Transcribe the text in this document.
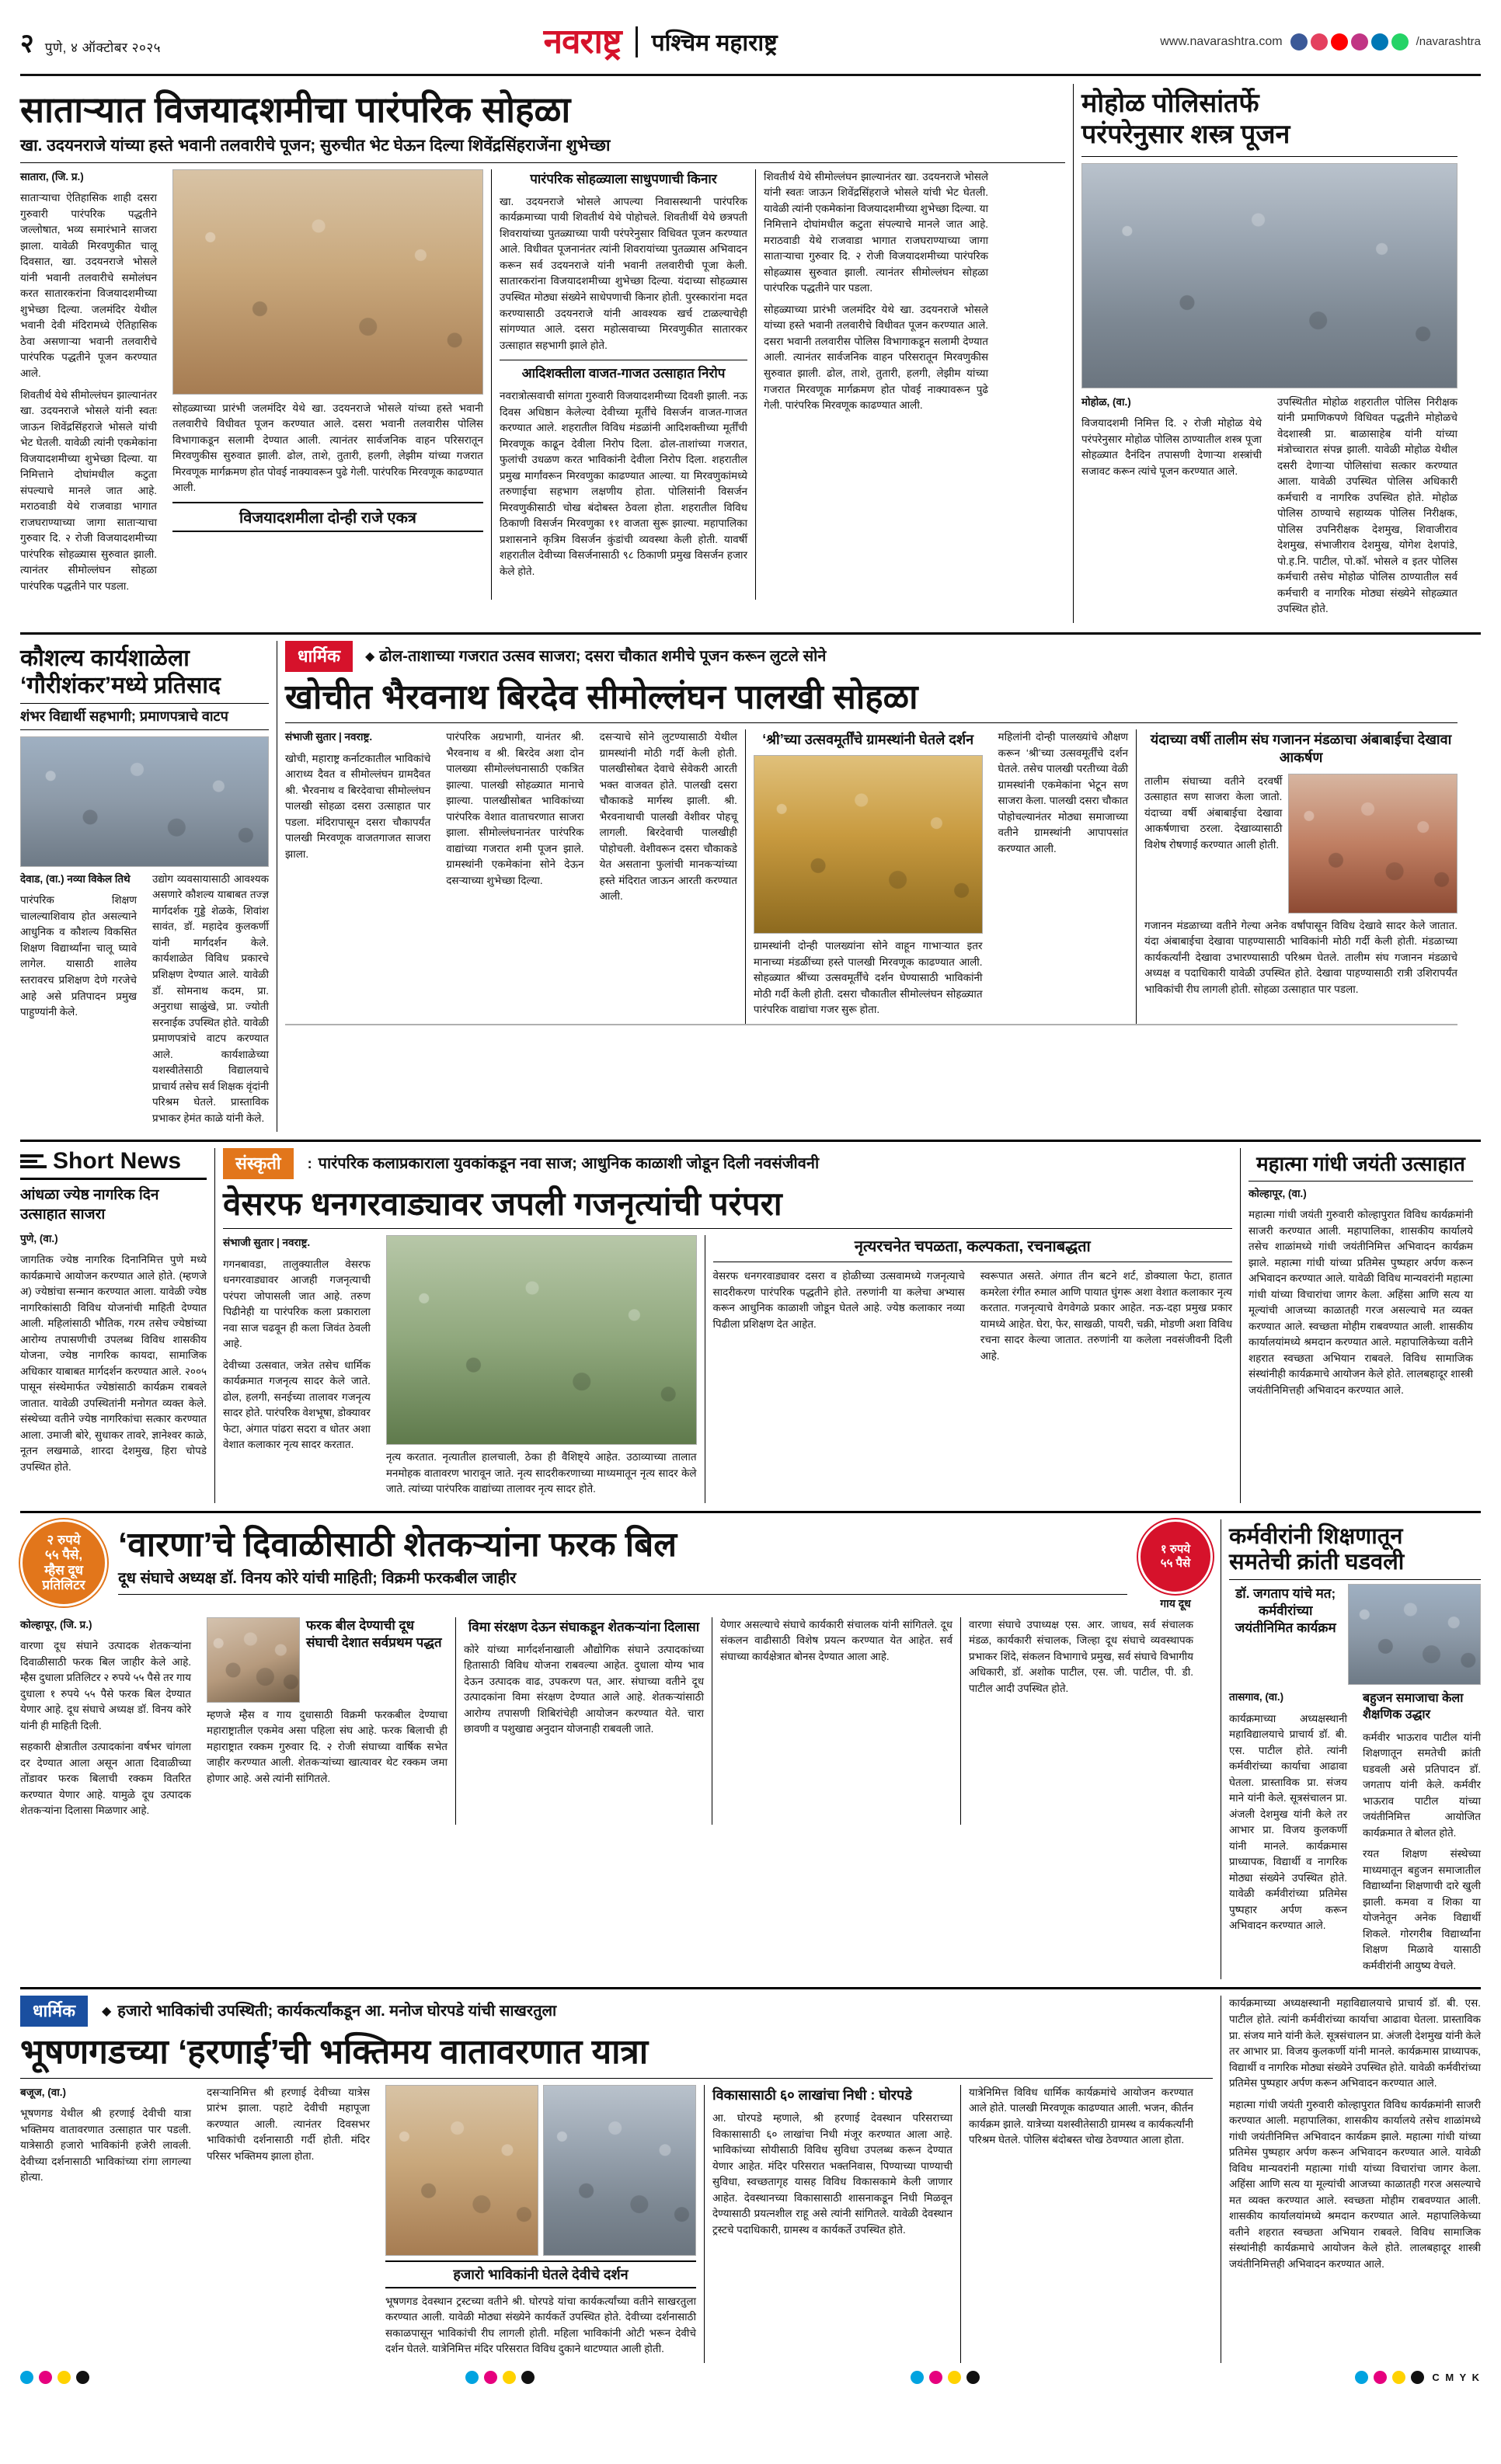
२ पुणे, ४ ऑक्टोबर २०२५	नवराष्ट्र पश्चिम महाराष्ट्र	www.navarashtra.com	/navarashtra
सातार्‍यात विजयादशमीचा पारंपरिक सोहळा
खा. उदयनराजे यांच्या हस्ते भवानी तलवारीचे पूजन; सुरुचीत भेट घेऊन दिल्या शिवेंद्रसिंहराजेंना शुभेच्छा

सातारा, (जि. प्र.)

सातार्‍याचा ऐतिहासिक शाही दसरा गुरुवारी पारंपरिक पद्धतीने जल्लोषात, भव्य समारंभाने साजरा झाला. यावेळी मिरवणुकीत चालू दिवसात, खा. उदयनराजे भोसले यांनी भवानी तलवारीचे समोलंघन करत सातारकरांना विजयादशमीच्या शुभेच्छा दिल्या. जलमंदिर येथील भवानी देवी मंदिरामध्ये ऐतिहासिक ठेवा असणार्‍या भवानी तलवारीचे पारंपरिक पद्धतीने पूजन करण्यात आले.

शिवतीर्थ येथे सीमोल्लंघन झाल्यानंतर खा. उदयनराजे भोसले यांनी स्वतः जाऊन शिवेंद्रसिंहराजे भोसले यांची भेट घेतली. यावेळी त्यांनी एकमेकांना विजयादशमीच्या शुभेच्छा दिल्या. या निमित्ताने दोघांमधील कटुता संपल्याचे मानले जात आहे. मराठवाडी येथे राजवाडा भागात राजघराण्याच्या जागा सातार्‍याचा गुरुवार दि. २ रोजी विजयादशमीच्या पारंपरिक सोहळ्यास सुरुवात झाली. त्यानंतर सीमोल्लंघन सोहळा पारंपरिक पद्धतीने पार पडला.

सोहळ्याच्या प्रारंभी जलमंदिर येथे खा. उदयनराजे भोसले यांच्या हस्ते भवानी तलवारीचे विधीवत पूजन करण्यात आले. दसरा भवानी तलवारीस पोलिस विभागाकडून सलामी देण्यात आली. त्यानंतर सार्वजनिक वाहन परिसरातून मिरवणुकीस सुरुवात झाली. ढोल, ताशे, तुतारी, हलगी, लेझीम यांच्या गजरात मिरवणूक मार्गक्रमण होत पोवई नाक्यावरून पुढे गेली. पारंपरिक मिरवणूक काढण्यात आली.

विजयादशमीला दोन्ही राजे एकत्र
पारंपरिक सोहळ्याला साधुपणाची किनार

खा. उदयनराजे भोसले आपल्या निवासस्थानी पारंपरिक कार्यक्रमाच्या पायी शिवतीर्थ येथे पोहोचले. शिवतीर्थी येथे छत्रपती शिवरायांच्या पुतळ्याच्या पायी परंपरेनुसार विधिवत पूजन करण्यात आले. विधीवत पूजनानंतर त्यांनी शिवरायांच्या पुतळ्यास अभिवादन करून सर्व उदयनराजे यांनी भवानी तलवारीची पूजा केली. सातारकरांना विजयादशमीच्या शुभेच्छा दिल्या. यंदाच्या सोहळ्यास उपस्थित मोठ्या संख्येने साधेपणाची किनार होती. पुरस्कारांना मदत करण्यासाठी उदयनराजे यांनी आवश्यक खर्च टाळल्याचेही सांगण्यात आले. दसरा महोत्सवाच्या मिरवणुकीत सातारकर उत्साहात सहभागी झाले होते.

आदिशक्तीला वाजत-गाजत उत्साहात निरोप

नवरात्रोत्सवाची सांगता गुरुवारी विजयादशमीच्या दिवशी झाली. नऊ दिवस अधिष्ठान केलेल्या देवीच्या मूर्तींचे विसर्जन वाजत-गाजत करण्यात आले. शहरातील विविध मंडळांनी आदिशक्तीच्या मूर्तींची मिरवणूक काढून देवीला निरोप दिला. ढोल-ताशांच्या गजरात, फुलांची उधळण करत भाविकांनी देवीला निरोप दिला. शहरातील प्रमुख मार्गांवरून मिरवणुका काढण्यात आल्या. या मिरवणुकांमध्ये तरुणाईचा सहभाग लक्षणीय होता. पोलिसांनी विसर्जन मिरवणुकीसाठी चोख बंदोबस्त ठेवला होता. शहरातील विविध ठिकाणी विसर्जन मिरवणुका ११ वाजता सुरू झाल्या. महापालिका प्रशासनाने कृत्रिम विसर्जन कुंडांची व्यवस्था केली होती. यावर्षी शहरातील देवीच्या विसर्जनासाठी ९८ ठिकाणी प्रमुख विसर्जन हजार केले होते.

शिवतीर्थ येथे सीमोल्लंघन झाल्यानंतर खा. उदयनराजे भोसले यांनी स्वतः जाऊन शिवेंद्रसिंहराजे भोसले यांची भेट घेतली. यावेळी त्यांनी एकमेकांना विजयादशमीच्या शुभेच्छा दिल्या. या निमित्ताने दोघांमधील कटुता संपल्याचे मानले जात आहे. मराठवाडी येथे राजवाडा भागात राजघराण्याच्या जागा सातार्‍याचा गुरुवार दि. २ रोजी विजयादशमीच्या पारंपरिक सोहळ्यास सुरुवात झाली. त्यानंतर सीमोल्लंघन सोहळा पारंपरिक पद्धतीने पार पडला.

सोहळ्याच्या प्रारंभी जलमंदिर येथे खा. उदयनराजे भोसले यांच्या हस्ते भवानी तलवारीचे विधीवत पूजन करण्यात आले. दसरा भवानी तलवारीस पोलिस विभागाकडून सलामी देण्यात आली. त्यानंतर सार्वजनिक वाहन परिसरातून मिरवणुकीस सुरुवात झाली. ढोल, ताशे, तुतारी, हलगी, लेझीम यांच्या गजरात मिरवणूक मार्गक्रमण होत पोवई नाक्यावरून पुढे गेली. पारंपरिक मिरवणूक काढण्यात आली.

मोहोळ पोलिसांतर्फे
परंपरेनुसार शस्त्र पूजन

मोहोळ, (वा.)

विजयादशमी निमित्त दि. २ रोजी मोहोळ येथे परंपरेनुसार मोहोळ पोलिस ठाण्यातील शस्त्र पूजा सोहळ्यात दैनंदिन तपासणी देणाऱ्या शस्त्रांची सजावट करून त्यांचे पूजन करण्यात आले.

उपस्थितीत मोहोळ शहरातील पोलिस निरीक्षक यांनी प्रमाणिकपणे विधिवत पद्धतीने मोहोळचे वेदशास्त्री प्रा. बाळासाहेब यांनी यांच्या मंत्रोच्चारात संपन्न झाली. यावेळी मोहोळ येथील दसरी देणाऱ्या पोलिसांचा सत्कार करण्यात आला. यावेळी उपस्थित पोलिस अधिकारी कर्मचारी व नागरिक उपस्थित होते. मोहोळ पोलिस ठाण्याचे सहाय्यक पोलिस निरीक्षक, पोलिस उपनिरीक्षक देशमुख, शिवाजीराव देशमुख, संभाजीराव देशमुख, योगेश देशपांडे, पो.ह.नि. पाटील, पो.कॉ. भोसले व इतर पोलिस कर्मचारी तसेच मोहोळ पोलिस ठाण्यातील सर्व कर्मचारी व नागरिक मोठ्या संख्येने सोहळ्यात उपस्थित होते.

कौशल्य कार्यशाळेला
‘गौरीशंकर’मध्ये प्रतिसाद
शंभर विद्यार्थी सहभागी; प्रमाणपत्राचे वाटप

देवाड, (वा.) नव्या विकेल तिथे

पारंपरिक शिक्षण चालल्याशिवाय होत असल्याने आधुनिक व कौशल्य विकसित शिक्षण विद्यार्थ्यांना चालू घ्यावे लागेल. यासाठी शालेय स्तरावरच प्रशिक्षण देणे गरजेचे आहे असे प्रतिपादन प्रमुख पाहुण्यांनी केले.

उद्योग व्यवसायासाठी आवश्यक असणारे कौशल्य याबाबत तज्ज्ञ मार्गदर्शक गुड्डे शेळके, शिवांश सावंत, डॉ. महादेव कुलकर्णी यांनी मार्गदर्शन केले. कार्यशाळेत विविध प्रकारचे प्रशिक्षण देण्यात आले. यावेळी डॉ. सोमनाथ कदम, प्रा. अनुराधा साळुंखे, प्रा. ज्योती सरनाईक उपस्थित होते. यावेळी प्रमाणपत्रांचे वाटप करण्यात आले. कार्यशाळेच्या यशस्वीतेसाठी विद्यालयाचे प्राचार्य तसेच सर्व शिक्षक वृंदांनी परिश्रम घेतले. प्रास्ताविक प्रभाकर हेमंत काळे यांनी केले.

धार्मिक	◆ ढोल-ताशाच्या गजरात उत्सव साजरा; दसरा चौकात शमीचे पूजन करून लुटले सोने
खोचीत भैरवनाथ बिरदेव सीमोल्लंघन पालखी सोहळा

संभाजी सुतार | नवराष्ट्र.

खोची, महाराष्ट्र कर्नाटकातील भाविकांचे आराध्य दैवत व सीमोल्लंघन ग्रामदैवत श्री. भैरवनाथ व बिरदेवाचा सीमोल्लंघन पालखी सोहळा दसरा उत्साहात पार पडला. मंदिरापासून दसरा चौकापर्यंत पालखी मिरवणूक वाजतगाजत साजरा झाला.

पारंपरिक अग्रभागी, यानंतर श्री. भैरवनाथ व श्री. बिरदेव अशा दोन पालख्या सीमोल्लंघनासाठी एकत्रित झाल्या. पालखी सोहळ्यात मानाचे झाल्या. पालखीसोबत भाविकांच्या पारंपरिक वेशात वाताचरणात साजरा झाला. सीमोल्लंघनानंतर पारंपरिक वाद्यांच्या गजरात शमी पूजन झाले. ग्रामस्थांनी एकमेकांना सोने देऊन दसऱ्याच्या शुभेच्छा दिल्या.

दसऱ्याचे सोने लुटण्यासाठी येथील ग्रामस्थांनी मोठी गर्दी केली होती. पालखीसोबत देवाचे सेवेकरी आरती भक्त वाजवत होते. पालखी दसरा चौकाकडे मार्गस्थ झाली. श्री. भैरवनाथाची पालखी वेशीवर पोहचू लागली. बिरदेवाची पालखीही पोहोचली. वेशीवरून दसरा चौकाकडे येत असताना फुलांची मानकऱ्यांच्या हस्ते मंदिरात जाऊन आरती करण्यात आली.

‘श्री’च्या उत्सवमूर्तींचे ग्रामस्थांनी घेतले दर्शन

ग्रामस्थांनी दोन्ही पालख्यांना सोने वाहून गाभाऱ्यात इतर मानाच्या मंडळींच्या हस्ते पालखी मिरवणूक काढण्यात आली. सोहळ्यात श्रींच्या उत्सवमूर्तींचे दर्शन घेण्यासाठी भाविकांनी मोठी गर्दी केली होती. दसरा चौकातील सीमोल्लंघन सोहळ्यात पारंपरिक वाद्यांचा गजर सुरू होता.

महिलांनी दोन्ही पालख्यांचे औक्षण करून ‘श्री’च्या उत्सवमूर्तींचे दर्शन घेतले. तसेच पालखी परतीच्या वेळी ग्रामस्थांनी एकमेकांना भेटून सण साजरा केला. पालखी दसरा चौकात पोहोचल्यानंतर मोठ्या समाजाच्या वतीने ग्रामस्थांनी आपापसांत करण्यात आली.

यंदाच्या वर्षी तालीम संघ गजानन मंडळाचा अंबाबाईचा देखावा आकर्षण

तालीम संघाच्या वतीने दरवर्षी उत्साहात सण साजरा केला जातो. यंदाच्या वर्षी अंबाबाईचा देखावा आकर्षणाचा ठरला. देखाव्यासाठी विशेष रोषणाई करण्यात आली होती.

गजानन मंडळाच्या वतीने गेल्या अनेक वर्षांपासून विविध देखावे सादर केले जातात. यंदा अंबाबाईचा देखावा पाहण्यासाठी भाविकांनी मोठी गर्दी केली होती. मंडळाच्या कार्यकर्त्यांनी देखावा उभारण्यासाठी परिश्रम घेतले. तालीम संघ गजानन मंडळाचे अध्यक्ष व पदाधिकारी यावेळी उपस्थित होते. देखावा पाहण्यासाठी रात्री उशिरापर्यंत भाविकांची रीघ लागली होती. सोहळा उत्साहात पार पडला.

Short News
आंधळा ज्येष्ठ नागरिक दिन उत्साहात साजरा

पुणे, (वा.)

जागतिक ज्येष्ठ नागरिक दिनानिमित्त पुणे मध्ये कार्यक्रमाचे आयोजन करण्यात आले होते. (म्हणजे अ) ज्येष्ठांचा सन्मान करण्यात आला. यावेळी ज्येष्ठ नागरिकांसाठी विविध योजनांची माहिती देण्यात आली. महिलांसाठी भौतिक, गरम तसेच ज्येष्ठांच्या आरोग्य तपासणीची उपलब्ध विविध शासकीय योजना, ज्येष्ठ नागरिक कायदा, सामाजिक अधिकार याबाबत मार्गदर्शन करण्यात आले. २००५ पासून संस्थेमार्फत ज्येष्ठांसाठी कार्यक्रम राबवले जातात. यावेळी उपस्थितांनी मनोगत व्यक्त केले. संस्थेच्या वतीने ज्येष्ठ नागरिकांचा सत्कार करण्यात आला. उमाजी बोरे, सुधाकर तावरे, ज्ञानेश्वर काळे, नूतन लखमाळे, शारदा देशमुख, हिरा चोपडे उपस्थित होते.

संस्कृती	: पारंपरिक कलाप्रकाराला युवकांकडून नवा साज; आधुनिक काळाशी जोडून दिली नवसंजीवनी
वेसरफ धनगरवाड्यावर जपली गजनृत्यांची परंपरा

संभाजी सुतार | नवराष्ट्र.

गगनबावडा, तालुक्यातील वेसरफ धनगरवाड्यावर आजही गजनृत्याची परंपरा जोपासली जात आहे. तरुण पिढीनेही या पारंपरिक कला प्रकाराला नवा साज चढवून ही कला जिवंत ठेवली आहे.

देवीच्या उत्सवात, जत्रेत तसेच धार्मिक कार्यक्रमात गजनृत्य सादर केले जाते. ढोल, हलगी, सनईच्या तालावर गजनृत्य सादर होते. पारंपरिक वेशभूषा, डोक्यावर फेटा, अंगात पांढरा सदरा व धोतर अशा वेशात कलाकार नृत्य सादर करतात.

नृत्य करतात. नृत्यातील हालचाली, ठेका ही वैशिष्ट्ये आहेत. उठाव्याच्या तालात मनमोहक वातावरण भारावून जाते. नृत्य सादरीकरणाच्या माध्यमातून नृत्य सादर केले जाते. त्यांच्या पारंपरिक वाद्यांच्या तालावर नृत्य सादर होते.

नृत्यरचनेत चपळता, कल्पकता, रचनाबद्धता

वेसरफ धनगरवाड्यावर दसरा व होळीच्या उत्सवामध्ये गजनृत्याचे सादरीकरण पारंपरिक पद्धतीने होते. तरुणांनी या कलेचा अभ्यास करून आधुनिक काळाशी जोडून घेतले आहे. ज्येष्ठ कलाकार नव्या पिढीला प्रशिक्षण देत आहेत.

स्वरूपात असते. अंगात तीन बटने शर्ट, डोक्याला फेटा, हातात कमरेला रंगीत रुमाल आणि पायात घुंगरू अशा वेशात कलाकार नृत्य करतात. गजनृत्याचे वेगवेगळे प्रकार आहेत. नऊ-दहा प्रमुख प्रकार यामध्ये आहेत. घेरा, फेर, साखळी, पायरी, चक्री, मोडणी अशा विविध रचना सादर केल्या जातात. तरुणांनी या कलेला नवसंजीवनी दिली आहे.

महात्मा गांधी जयंती उत्साहात

कोल्हापूर, (वा.)

महात्मा गांधी जयंती गुरुवारी कोल्हापुरात विविध कार्यक्रमांनी साजरी करण्यात आली. महापालिका, शासकीय कार्यालये तसेच शाळांमध्ये गांधी जयंतीनिमित्त अभिवादन कार्यक्रम झाले. महात्मा गांधी यांच्या प्रतिमेस पुष्पहार अर्पण करून अभिवादन करण्यात आले. यावेळी विविध मान्यवरांनी महात्मा गांधी यांच्या विचारांचा जागर केला. अहिंसा आणि सत्य या मूल्यांची आजच्या काळातही गरज असल्याचे मत व्यक्त करण्यात आले. स्वच्छता मोहीम राबवण्यात आली. शासकीय कार्यालयांमध्ये श्रमदान करण्यात आले. महापालिकेच्या वतीने शहरात स्वच्छता अभियान राबवले. विविध सामाजिक संस्थांनीही कार्यक्रमाचे आयोजन केले होते. लालबहादूर शास्त्री जयंतीनिमित्तही अभिवादन करण्यात आले.

२ रुपये
५५ पैसे,
म्हैस दूध
प्रतिलिटर
‘वारणा’चे दिवाळीसाठी शेतकऱ्यांना फरक बिल
दूध संघाचे अध्यक्ष डॉ. विनय कोरे यांची माहिती; विक्रमी फरकबील जाहीर
१ रुपये
५५ पैसे
गाय दूध

कोल्हापूर, (जि. प्र.)

वारणा दूध संघाने उत्पादक शेतकऱ्यांना दिवाळीसाठी फरक बिल जाहीर केले आहे. म्हैस दुधाला प्रतिलिटर २ रुपये ५५ पैसे तर गाय दुधाला १ रुपये ५५ पैसे फरक बिल देण्यात येणार आहे. दूध संघाचे अध्यक्ष डॉ. विनय कोरे यांनी ही माहिती दिली.

सहकारी क्षेत्रातील उत्पादकांना वर्षभर चांगला दर देण्यात आला असून आता दिवाळीच्या तोंडावर फरक बिलाची रक्कम वितरित करण्यात येणार आहे. यामुळे दूध उत्पादक शेतकऱ्यांना दिलासा मिळणार आहे.

फरक बील देण्याची दूध संघाची देशात सर्वप्रथम पद्धत

म्हणजे म्हैस व गाय दुधासाठी विक्रमी फरकबील देण्याचा महाराष्ट्रातील एकमेव असा पहिला संघ आहे. फरक बिलाची ही महाराष्ट्रात रक्कम गुरुवार दि. २ रोजी संघाच्या वार्षिक सभेत जाहीर करण्यात आली. शेतकऱ्यांच्या खात्यावर थेट रक्कम जमा होणार आहे. असे त्यांनी सांगितले.

विमा संरक्षण देऊन संघाकडून शेतकऱ्यांना दिलासा

कोरे यांच्या मार्गदर्शनाखाली औद्योगिक संघाने उत्पादकांच्या हितासाठी विविध योजना राबवल्या आहेत. दुधाला योग्य भाव देऊन उत्पादक वाढ, उपकरण पत, आर. संघाच्या वतीने दूध उत्पादकांना विमा संरक्षण देण्यात आले आहे. शेतकऱ्यांसाठी आरोग्य तपासणी शिबिरांचेही आयोजन करण्यात येते. चारा छावणी व पशुखाद्य अनुदान योजनाही राबवली जाते.

येणार असल्याचे संघाचे कार्यकारी संचालक यांनी सांगितले. दूध संकलन वाढीसाठी विशेष प्रयत्न करण्यात येत आहेत. सर्व संघाच्या कार्यक्षेत्रात बोनस देण्यात आला आहे.

वारणा संघाचे उपाध्यक्ष एस. आर. जाधव, सर्व संचालक मंडळ, कार्यकारी संचालक, जिल्हा दूध संघाचे व्यवस्थापक प्रभाकर शिंदे, संकलन विभागाचे प्रमुख, सर्व संघाचे विभागीय अधिकारी, डॉ. अशोक पाटील, एस. जी. पाटील, पी. डी. पाटील आदी उपस्थित होते.

कर्मवीरांनी शिक्षणातून
समतेची क्रांती घडवली
डॉ. जगताप यांचे मत; कर्मवीरांच्या जयंतीनिमित कार्यक्रम

तासगाव, (वा.)

कार्यक्रमाच्या अध्यक्षस्थानी महाविद्यालयाचे प्राचार्य डॉ. बी. एस. पाटील होते. त्यांनी कर्मवीरांच्या कार्याचा आढावा घेतला. प्रास्ताविक प्रा. संजय माने यांनी केले. सूत्रसंचालन प्रा. अंजली देशमुख यांनी केले तर आभार प्रा. विजय कुलकर्णी यांनी मानले. कार्यक्रमास प्राध्यापक, विद्यार्थी व नागरिक मोठ्या संख्येने उपस्थित होते. यावेळी कर्मवीरांच्या प्रतिमेस पुष्पहार अर्पण करून अभिवादन करण्यात आले.

बहुजन समाजाचा केला शैक्षणिक उद्धार

कर्मवीर भाऊराव पाटील यांनी शिक्षणातून समतेची क्रांती घडवली असे प्रतिपादन डॉ. जगताप यांनी केले. कर्मवीर भाऊराव पाटील यांच्या जयंतीनिमित्त आयोजित कार्यक्रमात ते बोलत होते.

रयत शिक्षण संस्थेच्या माध्यमातून बहुजन समाजातील विद्यार्थ्यांना शिक्षणाची दारे खुली झाली. कमवा व शिका या योजनेतून अनेक विद्यार्थी शिकले. गोरगरीब विद्यार्थ्यांना शिक्षण मिळावे यासाठी कर्मवीरांनी आयुष्य वेचले.

धार्मिक	◆ हजारो भाविकांची उपस्थिती; कार्यकर्त्यांकडून आ. मनोज घोरपडे यांची साखरतुला
भूषणगडच्या ‘हरणाई’ची भक्तिमय वातावरणात यात्रा

बजूज, (वा.)

भूषणगड येथील श्री हरणाई देवीची यात्रा भक्तिमय वातावरणात उत्साहात पार पडली. यात्रेसाठी हजारो भाविकांनी हजेरी लावली. देवीच्या दर्शनासाठी भाविकांच्या रांगा लागल्या होत्या.

दसऱ्यानिमित्त श्री हरणाई देवीच्या यात्रेस प्रारंभ झाला. पहाटे देवीची महापूजा करण्यात आली. त्यानंतर दिवसभर भाविकांची दर्शनासाठी गर्दी होती. मंदिर परिसर भक्तिमय झाला होता.

हजारो भाविकांनी घेतले देवीचे दर्शन

भूषणगड देवस्थान ट्रस्टच्या वतीने श्री. घोरपडे यांचा कार्यकर्त्यांच्या वतीने साखरतुला करण्यात आली. यावेळी मोठ्या संख्येने कार्यकर्ते उपस्थित होते. देवीच्या दर्शनासाठी सकाळपासून भाविकांची रीघ लागली होती. महिला भाविकांनी ओटी भरून देवीचे दर्शन घेतले. यात्रेनिमित्त मंदिर परिसरात विविध दुकाने थाटण्यात आली होती.

विकासासाठी ६० लाखांचा निधी : घोरपडे

आ. घोरपडे म्हणाले, श्री हरणाई देवस्थान परिसराच्या विकासासाठी ६० लाखांचा निधी मंजूर करण्यात आला आहे. भाविकांच्या सोयीसाठी विविध सुविधा उपलब्ध करून देण्यात येणार आहेत. मंदिर परिसरात भक्तनिवास, पिण्याच्या पाण्याची सुविधा, स्वच्छतागृह यासह विविध विकासकामे केली जाणार आहेत. देवस्थानच्या विकासासाठी शासनाकडून निधी मिळवून देण्यासाठी प्रयत्नशील राहू असे त्यांनी सांगितले. यावेळी देवस्थान ट्रस्टचे पदाधिकारी, ग्रामस्थ व कार्यकर्ते उपस्थित होते.

यात्रेनिमित्त विविध धार्मिक कार्यक्रमांचे आयोजन करण्यात आले होते. पालखी मिरवणूक काढण्यात आली. भजन, कीर्तन कार्यक्रम झाले. यात्रेच्या यशस्वीतेसाठी ग्रामस्थ व कार्यकर्त्यांनी परिश्रम घेतले. पोलिस बंदोबस्त चोख ठेवण्यात आला होता.

कार्यक्रमाच्या अध्यक्षस्थानी महाविद्यालयाचे प्राचार्य डॉ. बी. एस. पाटील होते. त्यांनी कर्मवीरांच्या कार्याचा आढावा घेतला. प्रास्ताविक प्रा. संजय माने यांनी केले. सूत्रसंचालन प्रा. अंजली देशमुख यांनी केले तर आभार प्रा. विजय कुलकर्णी यांनी मानले. कार्यक्रमास प्राध्यापक, विद्यार्थी व नागरिक मोठ्या संख्येने उपस्थित होते. यावेळी कर्मवीरांच्या प्रतिमेस पुष्पहार अर्पण करून अभिवादन करण्यात आले.

महात्मा गांधी जयंती गुरुवारी कोल्हापुरात विविध कार्यक्रमांनी साजरी करण्यात आली. महापालिका, शासकीय कार्यालये तसेच शाळांमध्ये गांधी जयंतीनिमित्त अभिवादन कार्यक्रम झाले. महात्मा गांधी यांच्या प्रतिमेस पुष्पहार अर्पण करून अभिवादन करण्यात आले. यावेळी विविध मान्यवरांनी महात्मा गांधी यांच्या विचारांचा जागर केला. अहिंसा आणि सत्य या मूल्यांची आजच्या काळातही गरज असल्याचे मत व्यक्त करण्यात आले. स्वच्छता मोहीम राबवण्यात आली. शासकीय कार्यालयांमध्ये श्रमदान करण्यात आले. महापालिकेच्या वतीने शहरात स्वच्छता अभियान राबवले. विविध सामाजिक संस्थांनीही कार्यक्रमाचे आयोजन केले होते. लालबहादूर शास्त्री जयंतीनिमित्तही अभिवादन करण्यात आले.

C M Y K
